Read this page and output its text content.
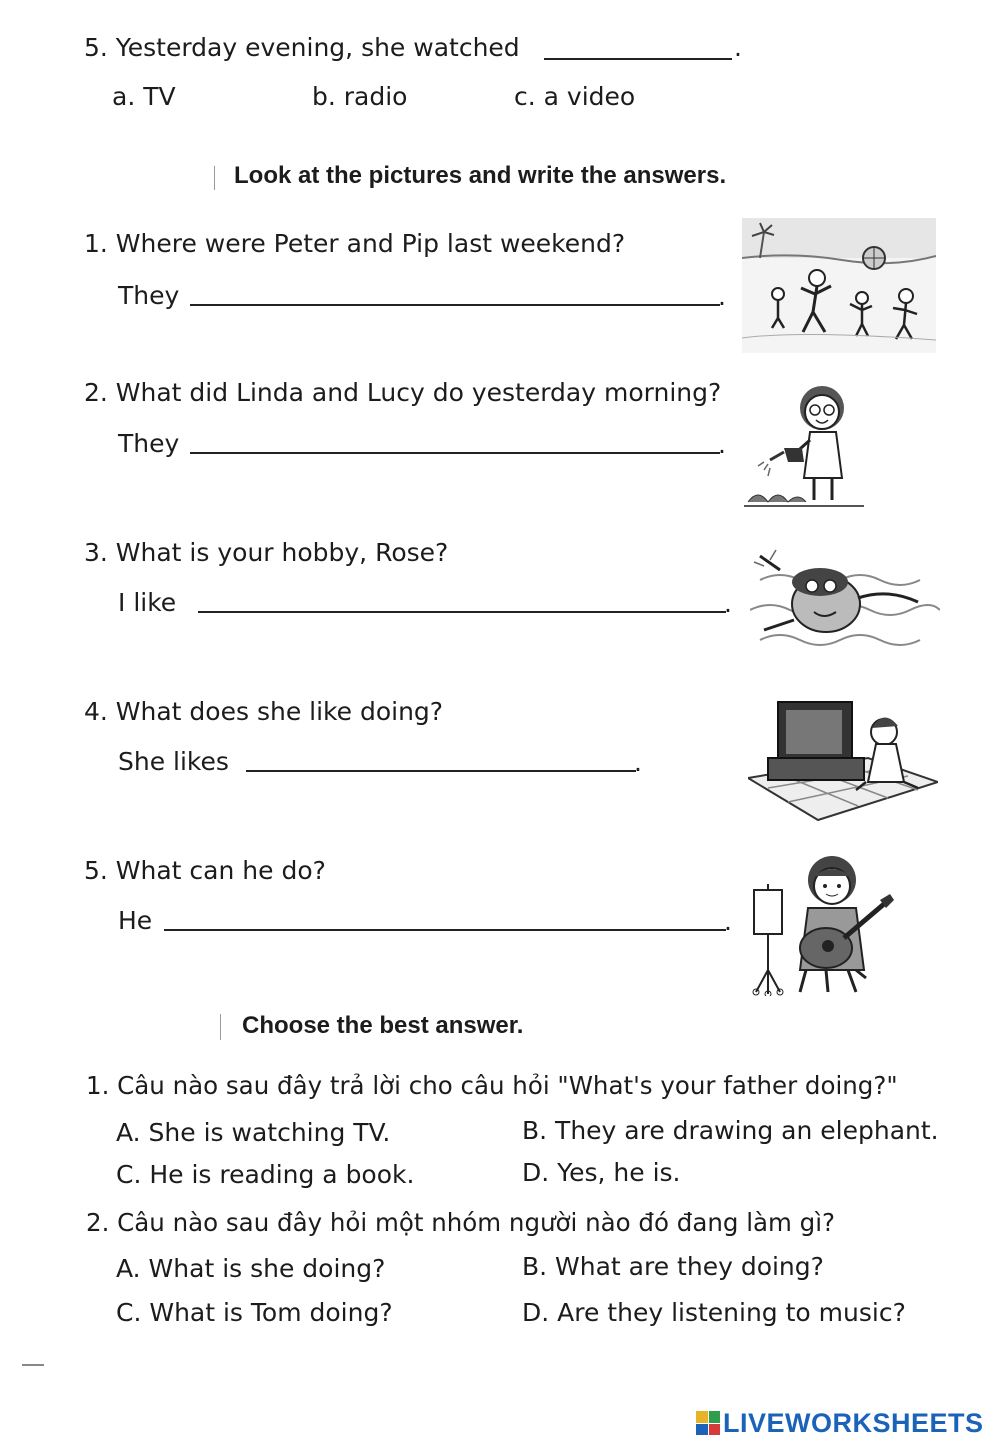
5. Yesterday evening, she watched	.
a. TV	b. radio	c. a video
Look at the pictures and write the answers.
1. Where were Peter and Pip last weekend?
They	.
2. What did Linda and Lucy do yesterday morning?
They	.
3. What is your hobby, Rose?
I like	.
4. What does she like doing?
She likes	.
5. What can he do?
He	.
Choose the best answer.
1. Câu nào sau đây trả lời cho câu hỏi "What's your father doing?"
A. She is watching TV.	B. They are drawing an elephant.
C. He is reading a book.	D. Yes, he is.
2. Câu nào sau đây hỏi một nhóm người nào đó đang làm gì?
A. What is she doing?	B. What are they doing?
C. What is Tom doing?	D. Are they listening to music?
LIVEWORKSHEETS
